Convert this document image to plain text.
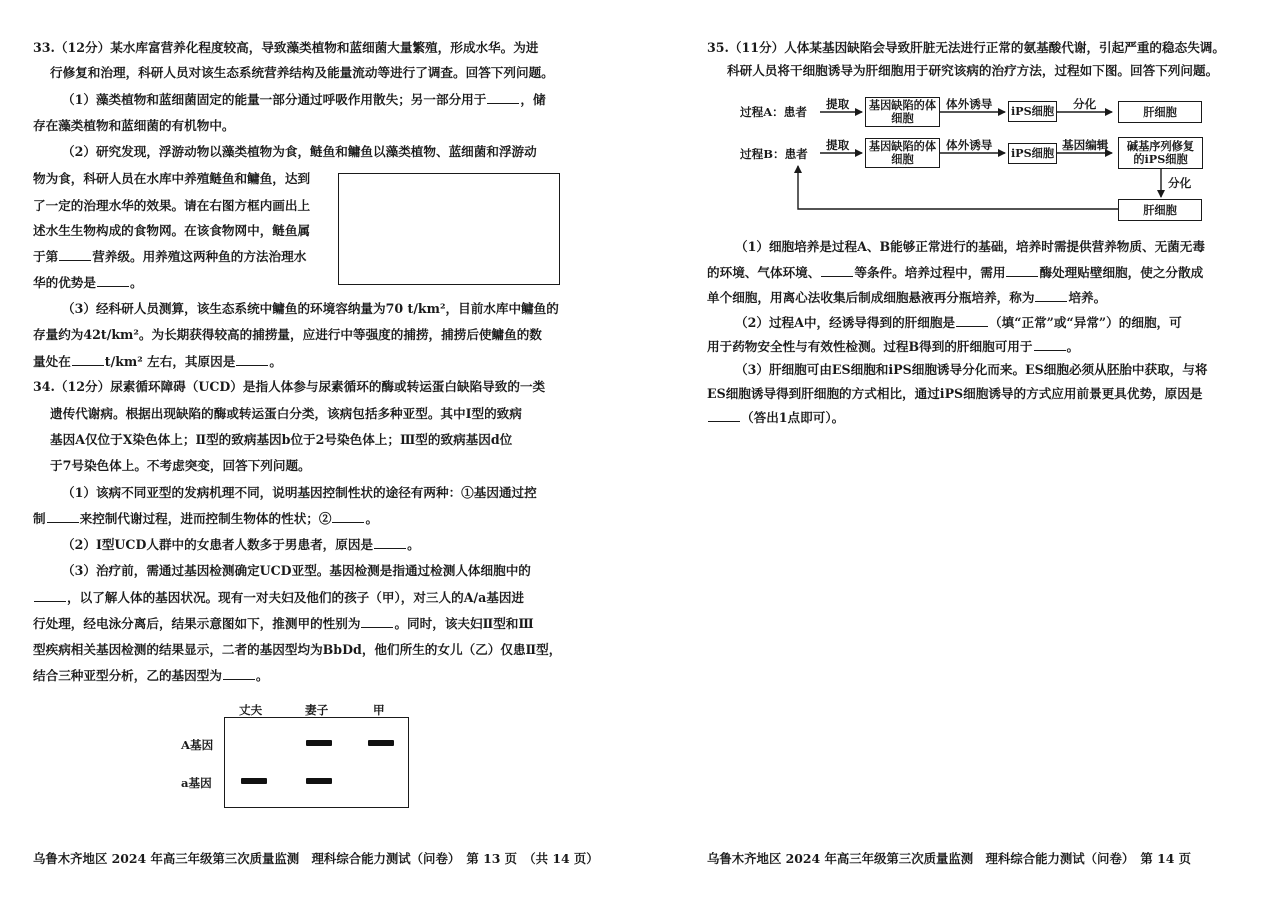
33.（12分）某水库富营养化程度较高，导致藻类植物和蓝细菌大量繁殖，形成水华。为进
行修复和治理，科研人员对该生态系统营养结构及能量流动等进行了调查。回答下列问题。
（1）藻类植物和蓝细菌固定的能量一部分通过呼吸作用散失；另一部分用于	，储
存在藻类植物和蓝细菌的有机物中。
（2）研究发现，浮游动物以藻类植物为食，鲢鱼和鳙鱼以藻类植物、蓝细菌和浮游动
物为食，科研人员在水库中养殖鲢鱼和鳙鱼，达到
了一定的治理水华的效果。请在右图方框内画出上
述水生生物构成的食物网。在该食物网中，鲢鱼属
于第	营养级。用养殖这两种鱼的方法治理水
华的优势是	。
（3）经科研人员测算，该生态系统中鳙鱼的环境容纳量为70 t/km²，目前水库中鳙鱼的
存量约为42t/km²。为长期获得较高的捕捞量，应进行中等强度的捕捞，捕捞后使鳙鱼的数
量处在	t/km² 左右，其原因是	。
34.（12分）尿素循环障碍（UCD）是指人体参与尿素循环的酶或转运蛋白缺陷导致的一类
遗传代谢病。根据出现缺陷的酶或转运蛋白分类，该病包括多种亚型。其中Ⅰ型的致病
基因A仅位于X染色体上；Ⅱ型的致病基因b位于2号染色体上；Ⅲ型的致病基因d位
于7号染色体上。不考虑突变，回答下列问题。
（1）该病不同亚型的发病机理不同，说明基因控制性状的途径有两种：①基因通过控
制	来控制代谢过程，进而控制生物体的性状；②	。
（2）Ⅰ型UCD人群中的女患者人数多于男患者，原因是	。
（3）治疗前，需通过基因检测确定UCD亚型。基因检测是指通过检测人体细胞中的
，以了解人体的基因状况。现有一对夫妇及他们的孩子（甲），对三人的A/a基因进
行处理，经电泳分离后，结果示意图如下，推测甲的性别为	。同时，该夫妇Ⅱ型和Ⅲ
型疾病相关基因检测的结果显示，二者的基因型均为BbDd，他们所生的女儿（乙）仅患Ⅱ型，
结合三种亚型分析，乙的基因型为	。
丈夫	妻子	甲
A基因
a基因
乌鲁木齐地区 2024 年高三年级第三次质量监测　理科综合能力测试（问卷）　第 13 页　（共 14 页）
35.（11分）人体某基因缺陷会导致肝脏无法进行正常的氨基酸代谢，引起严重的稳态失调。
科研人员将干细胞诱导为肝细胞用于研究该病的治疗方法，过程如下图。回答下列问题。
过程A：患者
提取	基因缺陷的体细胞
体外诱导 iPS细胞 分化
肝细胞
过程B：患者
提取	基因缺陷的体细胞
体外诱导
iPS细胞
基因编辑	碱基序列修复的iPS细胞
分化
肝细胞
（1）细胞培养是过程A、B能够正常进行的基础，培养时需提供营养物质、无菌无毒
的环境、气体环境、	等条件。培养过程中，需用	酶处理贴壁细胞，使之分散成
单个细胞，用离心法收集后制成细胞悬液再分瓶培养，称为	培养。
（2）过程A中，经诱导得到的肝细胞是	（填“正常”或“异常”）的细胞，可
用于药物安全性与有效性检测。过程B得到的肝细胞可用于	。
（3）肝细胞可由ES细胞和iPS细胞诱导分化而来。ES细胞必须从胚胎中获取，与将
ES细胞诱导得到肝细胞的方式相比，通过iPS细胞诱导的方式应用前景更具优势，原因是
（答出1点即可）。
乌鲁木齐地区 2024 年高三年级第三次质量监测　理科综合能力测试（问卷）　第 14 页
